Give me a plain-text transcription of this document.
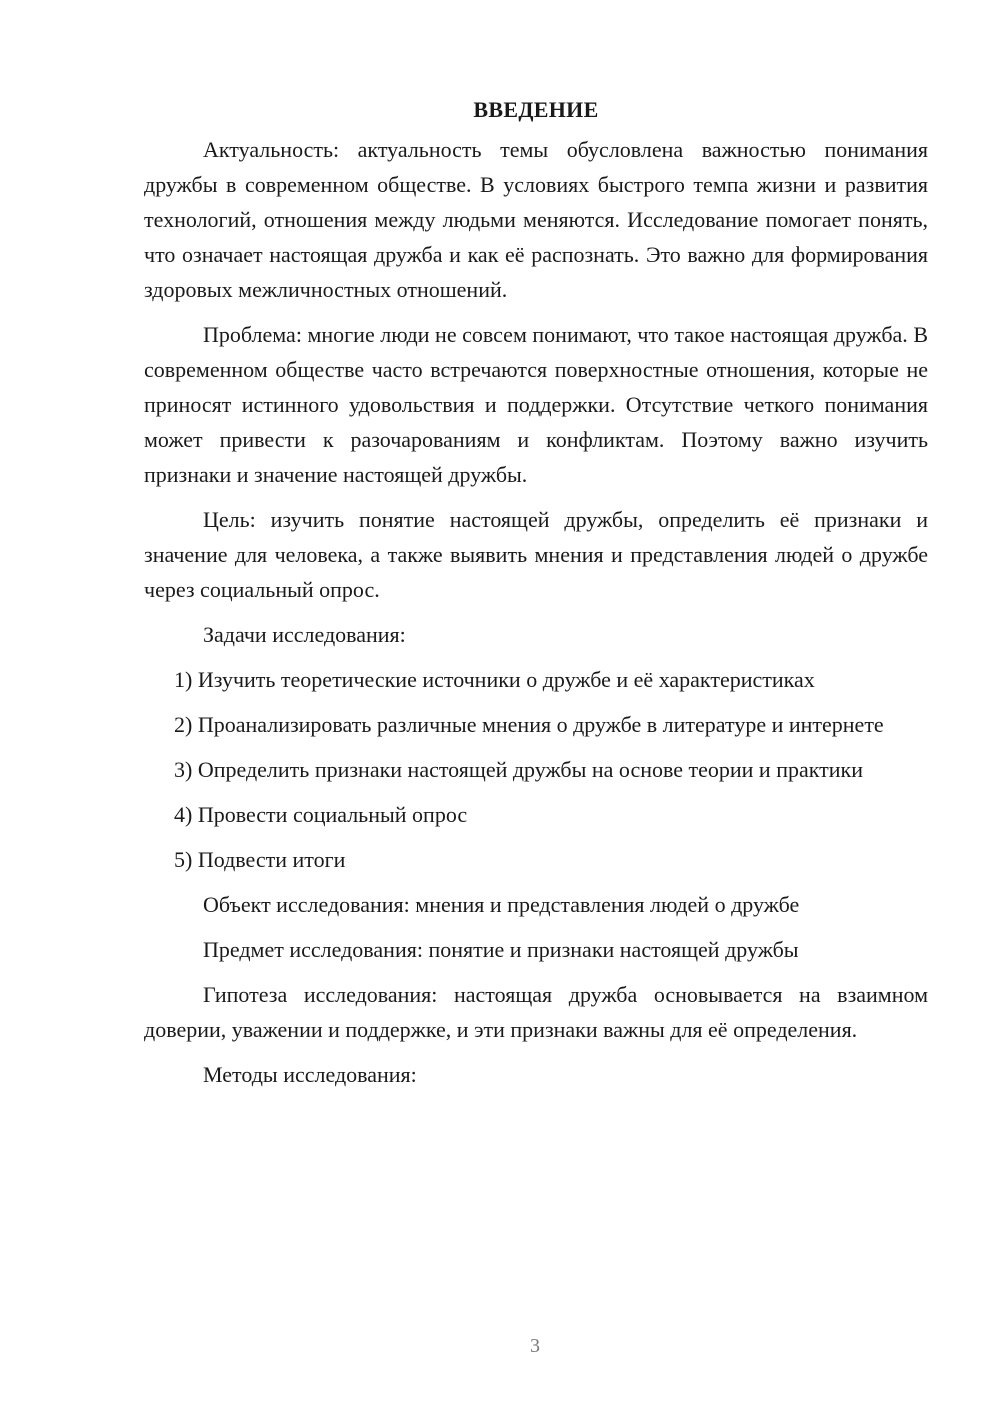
ВВЕДЕНИЕ

Актуальность: актуальность темы обусловлена важностью понимания дружбы в современном обществе. В условиях быстрого темпа жизни и развития технологий, отношения между людьми меняются. Исследование помогает понять, что означает настоящая дружба и как её распознать. Это важно для формирования здоровых межличностных отношений.

Проблема: многие люди не совсем понимают, что такое настоящая дружба. В современном обществе часто встречаются поверхностные отношения, которые не приносят истинного удовольствия и поддержки. Отсутствие четкого понимания может привести к разочарованиям и конфликтам. Поэтому важно изучить признаки и значение настоящей дружбы.

Цель: изучить понятие настоящей дружбы, определить её признаки и значение для человека, а также выявить мнения и представления людей о дружбе через социальный опрос.

Задачи исследования:

1) Изучить теоретические источники о дружбе и её характеристиках

2) Проанализировать различные мнения о дружбе в литературе и интернете

3) Определить признаки настоящей дружбы на основе теории и практики

4) Провести социальный опрос

5) Подвести итоги

Объект исследования: мнения и представления людей о дружбе

Предмет исследования: понятие и признаки настоящей дружбы

Гипотеза исследования: настоящая дружба основывается на взаимном доверии, уважении и поддержке, и эти признаки важны для её определения.

Методы исследования:

3
